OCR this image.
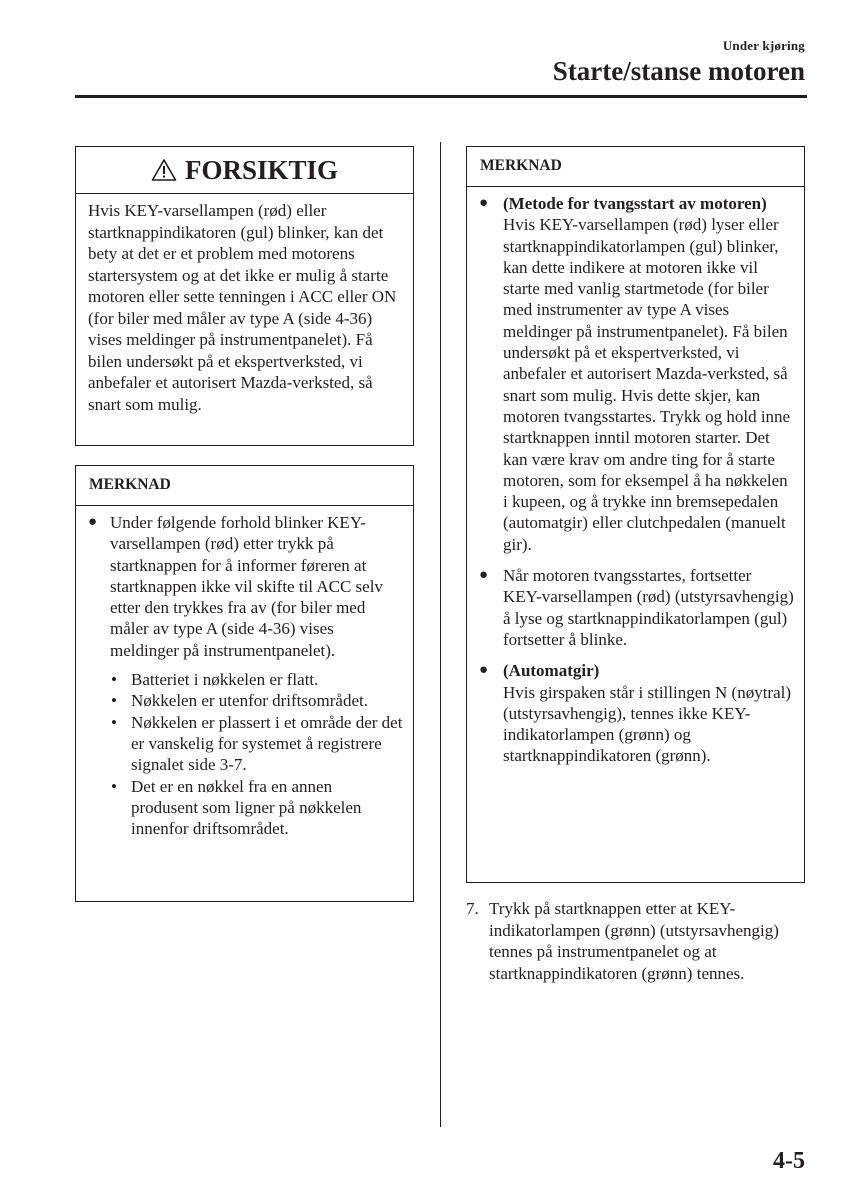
Under kjøring
Starte/stanse motoren
FORSIKTIG
Hvis KEY-varsellampen (rød) eller startknappindikatoren (gul) blinker, kan det bety at det er et problem med motorens startersystem og at det ikke er mulig å starte motoren eller sette tenningen i ACC eller ON (for biler med måler av type A (side 4-36) vises meldinger på instrumentpanelet). Få bilen undersøkt på et ekspertverksted, vi anbefaler et autorisert Mazda-verksted, så snart som mulig.
MERKNAD
● Under følgende forhold blinker KEY-varsellampen (rød) etter trykk på startknappen for å informer føreren at startknappen ikke vil skifte til ACC selv etter den trykkes fra av (for biler med måler av type A (side 4-36) vises meldinger på instrumentpanelet).
• Batteriet i nøkkelen er flatt.
• Nøkkelen er utenfor driftsområdet.
• Nøkkelen er plassert i et område der det er vanskelig for systemet å registrere signalet side 3-7.
• Det er en nøkkel fra en annen produsent som ligner på nøkkelen innenfor driftsområdet.
MERKNAD
● (Metode for tvangsstart av motoren)
Hvis KEY-varsellampen (rød) lyser eller startknappindikatorlampen (gul) blinker, kan dette indikere at motoren ikke vil starte med vanlig startmetode (for biler med instrumenter av type A vises meldinger på instrumentpanelet). Få bilen undersøkt på et ekspertverksted, vi anbefaler et autorisert Mazda-verksted, så snart som mulig. Hvis dette skjer, kan motoren tvangsstartes. Trykk og hold inne startknappen inntil motoren starter. Det kan være krav om andre ting for å starte motoren, som for eksempel å ha nøkkelen i kupeen, og å trykke inn bremsepedalen (automatgir) eller clutchpedalen (manuelt gir).
● Når motoren tvangsstartes, fortsetter KEY-varsellampen (rød) (utstyrsavhengig) å lyse og startknappindikatorlampen (gul) fortsetter å blinke.
● (Automatgir)
Hvis girspaken står i stillingen N (nøytral) (utstyrsavhengig), tennes ikke KEY-indikatorlampen (grønn) og startknappindikatoren (grønn).
7. Trykk på startknappen etter at KEY-indikatorlampen (grønn) (utstyrsavhengig) tennes på instrumentpanelet og at startknappindikatoren (grønn) tennes.
4-5
